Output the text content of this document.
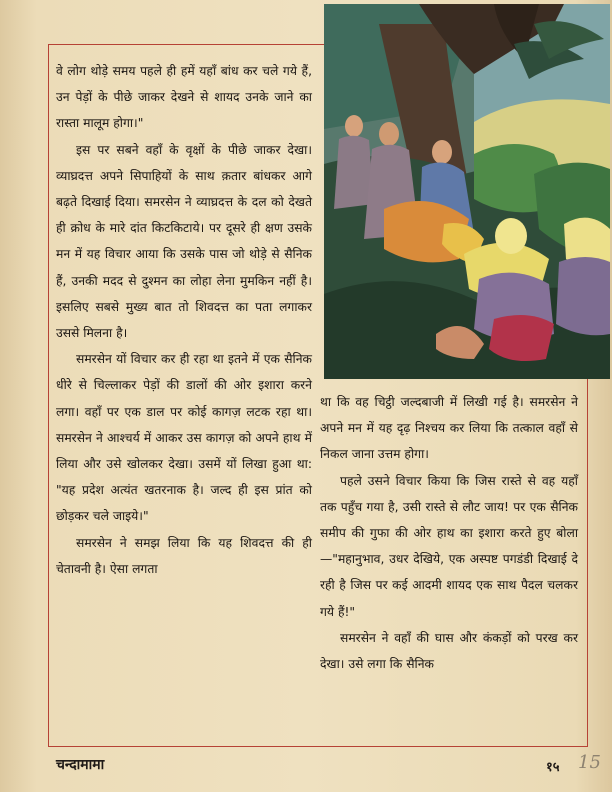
वे लोग थोड़े समय पहले ही हमें यहाँ बांध कर चले गये हैं, उन पेड़ों के पीछे जाकर देखने से शायद उनके जाने का रास्ता मालूम होगा।"

इस पर सबने वहाँ के वृक्षों के पीछे जाकर देखा। व्याघ्रदत्त अपने सिपाहियों के साथ क़तार बांधकर आगे बढ़ते दिखाई दिया। समरसेन ने व्याघ्रदत्त के दल को देखते ही क्रोध के मारे दांत किटकिटाये। पर दूसरे ही क्षण उसके मन में यह विचार आया कि उसके पास जो थोड़े से सैनिक हैं, उनकी मदद से दुश्मन का लोहा लेना मुमकिन नहीं है। इसलिए सबसे मुख्य बात तो शिवदत्त का पता लगाकर उससे मिलना है।

समरसेन यों विचार कर ही रहा था इतने में एक सैनिक धीरे से चिल्लाकर पेड़ों की डालों की ओर इशारा करने लगा। वहाँ पर एक डाल पर कोई कागज़ लटक रहा था। समरसेन ने आश्चर्य में आकर उस कागज़ को अपने हाथ में लिया और उसे खोलकर देखा। उसमें यों लिखा हुआ था: "यह प्रदेश अत्यंत खतरनाक है। जल्द ही इस प्रांत को छोड़कर चले जाइये।"

समरसेन ने समझ लिया कि यह शिवदत्त की ही चेतावनी है। ऐसा लगता

था कि वह चिट्ठी जल्दबाजी में लिखी गई है। समरसेन ने अपने मन में यह दृढ़ निश्चय कर लिया कि तत्काल वहाँ से निकल जाना उत्तम होगा।

पहले उसने विचार किया कि जिस रास्ते से वह यहाँ तक पहुँच गया है, उसी रास्ते से लौट जाय! पर एक सैनिक समीप की गुफा की ओर हाथ का इशारा करते हुए बोला—"महानुभाव, उधर देखिये, एक अस्पष्ट पगडंडी दिखाई दे रही है जिस पर कई आदमी शायद एक साथ पैदल चलकर गये हैं!"

समरसेन ने वहाँ की घास और कंकड़ों को परख कर देखा। उसे लगा कि सैनिक

चन्दामामा	१५ 15
